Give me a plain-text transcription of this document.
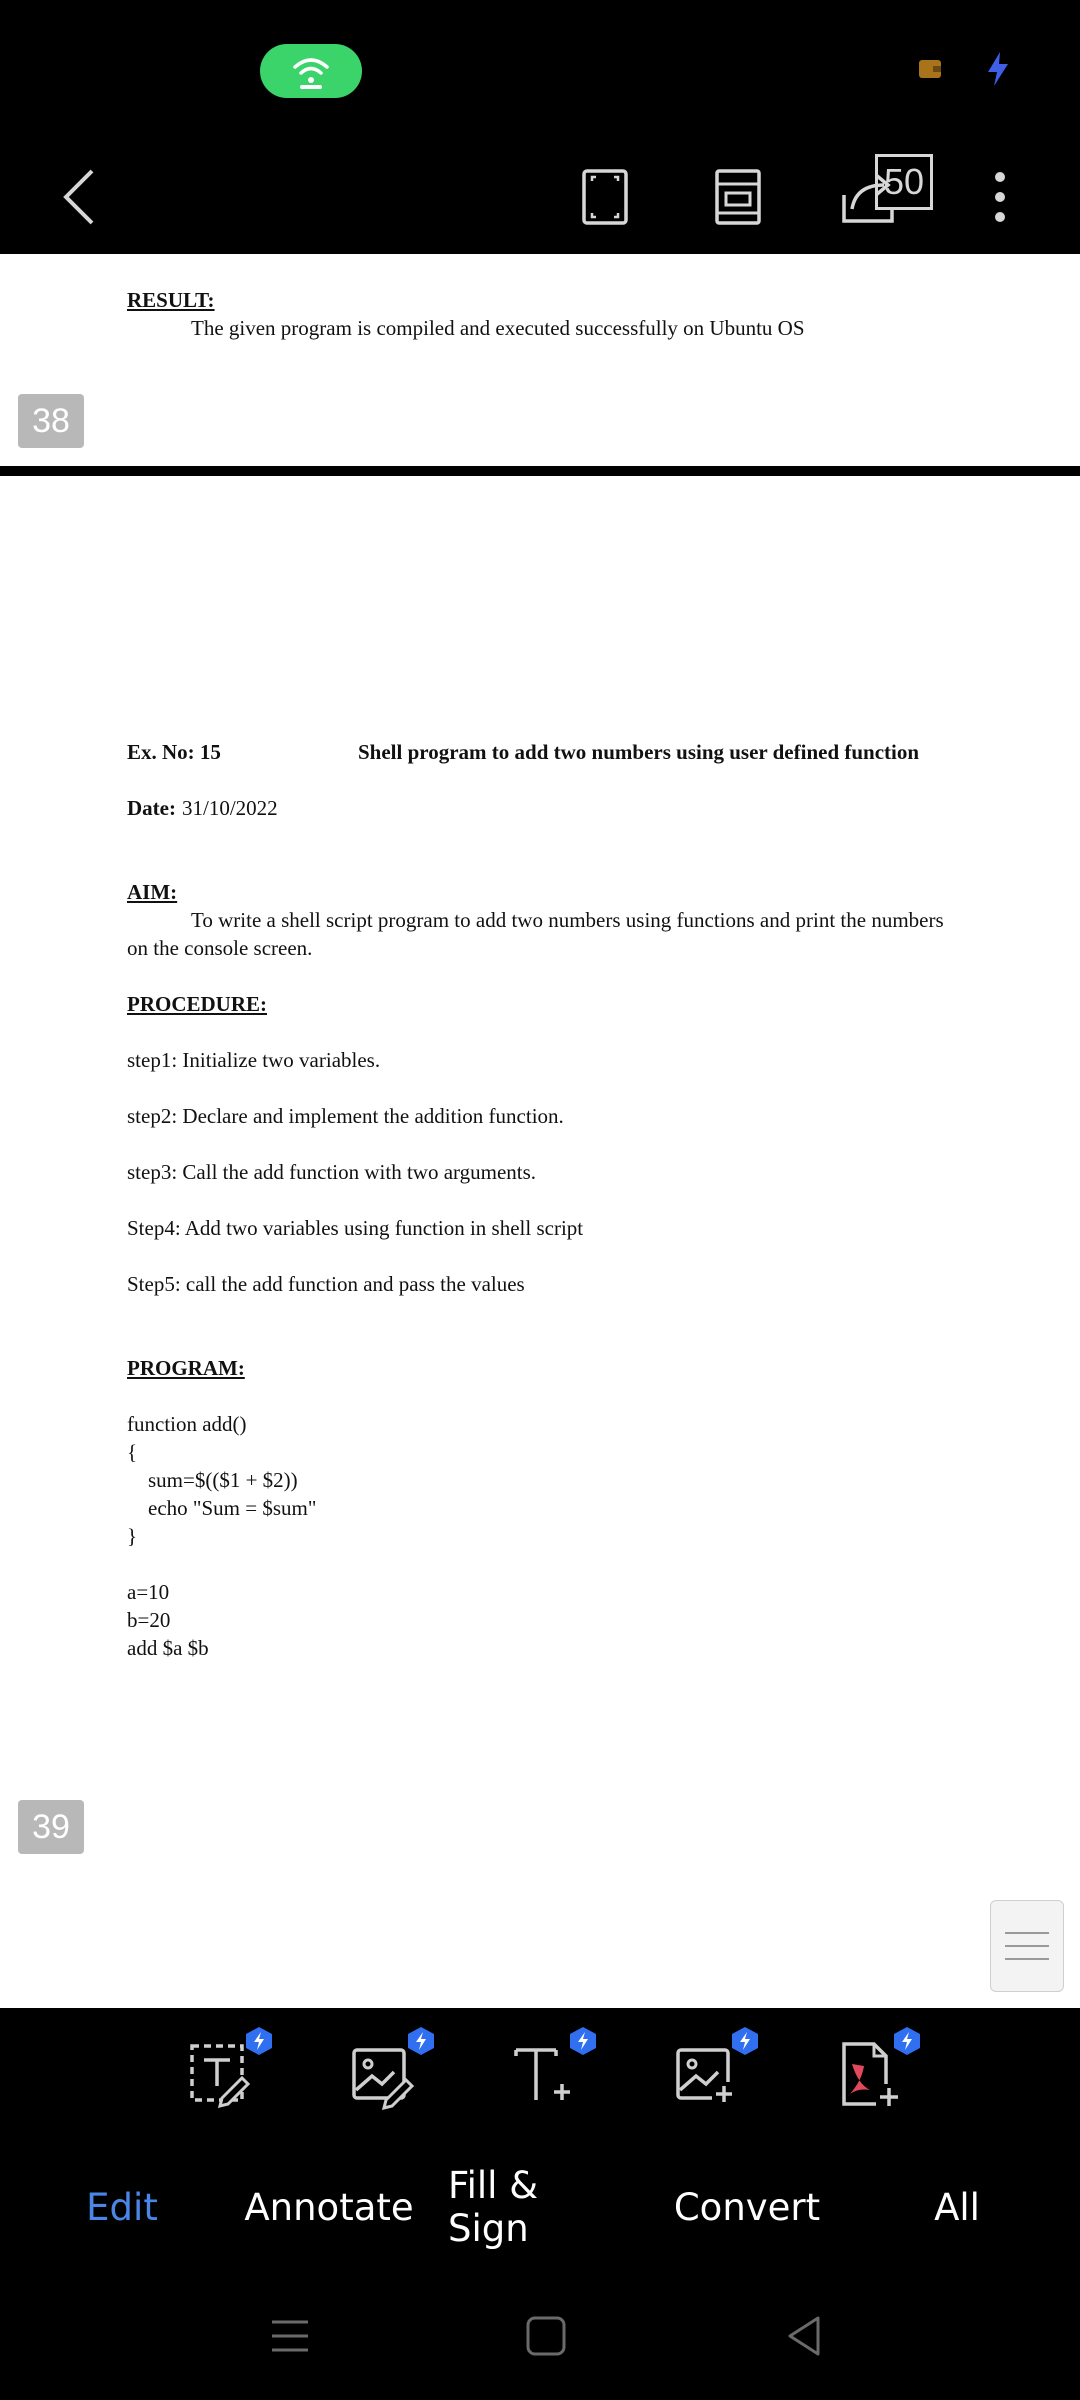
50
RESULT:
The given program is compiled and executed successfully on Ubuntu OS
38
Ex. No: 15	Shell program to add two numbers using user defined function
Date: 31/10/2022
AIM:
To write a shell script program to add two numbers using functions and print the numbers
on the console screen.
PROCEDURE:
step1: Initialize two variables.
step2: Declare and implement the addition function.
step3: Call the add function with two arguments.
Step4: Add two variables using function in shell script
Step5: call the add function and pass the values
PROGRAM:
function add()
{
sum=$(($1 + $2))
echo "Sum = $sum"
}
a=10
b=20
add $a $b
39
Edit	Annotate Fill & Sign	Convert	All
